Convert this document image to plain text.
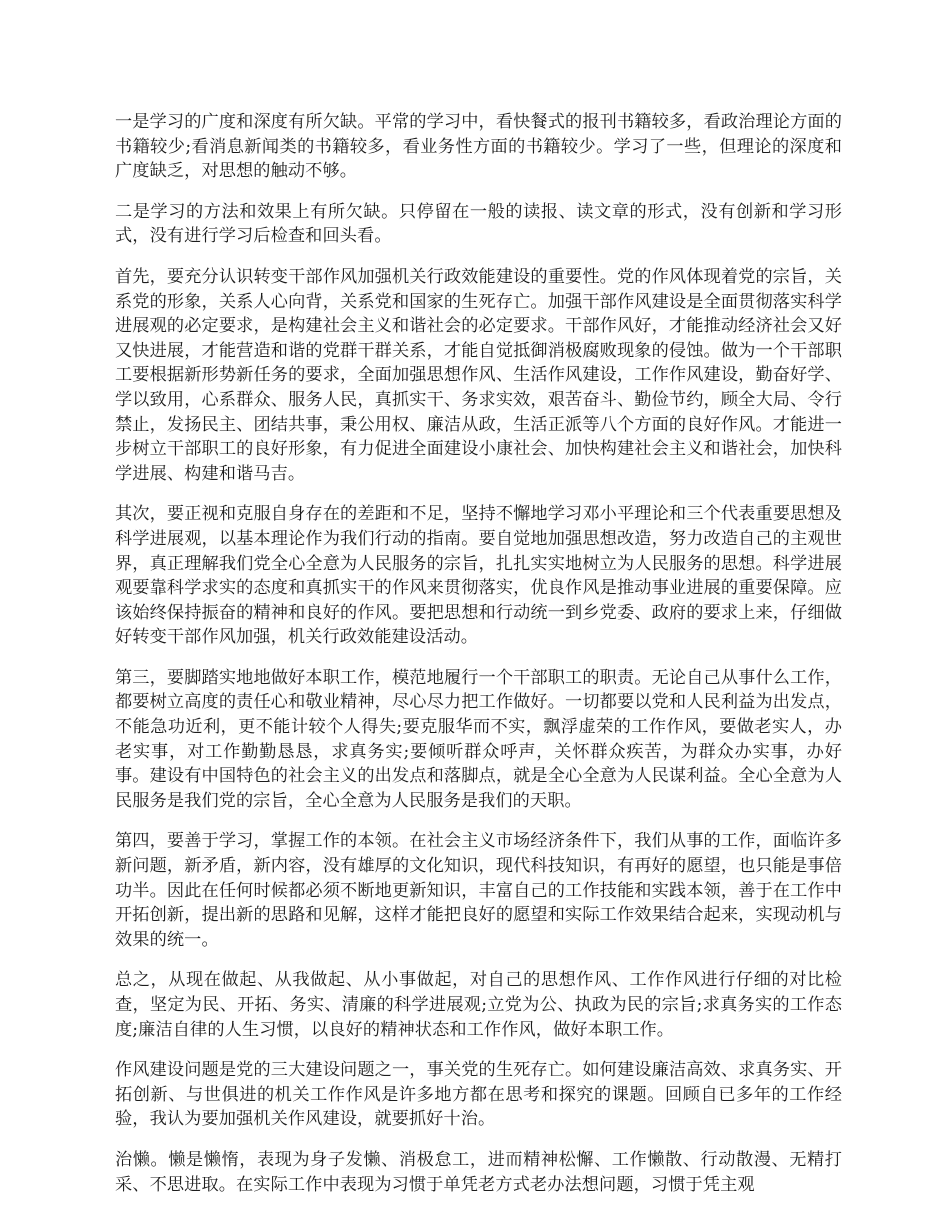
一是学习的广度和深度有所欠缺。平常的学习中，看快餐式的报刊书籍较多，看政治理论方面的书籍较少;看消息新闻类的书籍较多，看业务性方面的书籍较少。学习了一些，但理论的深度和广度缺乏，对思想的触动不够。

二是学习的方法和效果上有所欠缺。只停留在一般的读报、读文章的形式，没有创新和学习形式，没有进行学习后检查和回头看。

首先，要充分认识转变干部作风加强机关行政效能建设的重要性。党的作风体现着党的宗旨，关系党的形象，关系人心向背，关系党和国家的生死存亡。加强干部作风建设是全面贯彻落实科学进展观的必定要求，是构建社会主义和谐社会的必定要求。干部作风好，才能推动经济社会又好又快进展，才能营造和谐的党群干群关系，才能自觉抵御消极腐败现象的侵蚀。做为一个干部职工要根据新形势新任务的要求，全面加强思想作风、生活作风建设，工作作风建设，勤奋好学、学以致用，心系群众、服务人民，真抓实干、务求实效，艰苦奋斗、勤俭节约，顾全大局、令行禁止，发扬民主、团结共事，秉公用权、廉洁从政，生活正派等八个方面的良好作风。才能进一步树立干部职工的良好形象，有力促进全面建设小康社会、加快构建社会主义和谐社会，加快科学进展、构建和谐马吉。

其次，要正视和克服自身存在的差距和不足，坚持不懈地学习邓小平理论和三个代表重要思想及科学进展观，以基本理论作为我们行动的指南。要自觉地加强思想改造，努力改造自己的主观世界，真正理解我们党全心全意为人民服务的宗旨，扎扎实实地树立为人民服务的思想。科学进展观要靠科学求实的态度和真抓实干的作风来贯彻落实，优良作风是推动事业进展的重要保障。应该始终保持振奋的精神和良好的作风。要把思想和行动统一到乡党委、政府的要求上来，仔细做好转变干部作风加强，机关行政效能建设活动。

第三，要脚踏实地地做好本职工作，模范地履行一个干部职工的职责。无论自己从事什么工作，都要树立高度的责任心和敬业精神，尽心尽力把工作做好。一切都要以党和人民利益为出发点，不能急功近利，更不能计较个人得失;要克服华而不实，飘浮虚荣的工作作风，要做老实人，办老实事，对工作勤勤恳恳，求真务实;要倾听群众呼声，关怀群众疾苦，为群众办实事，办好事。建设有中国特色的社会主义的出发点和落脚点，就是全心全意为人民谋利益。全心全意为人民服务是我们党的宗旨，全心全意为人民服务是我们的天职。

第四，要善于学习，掌握工作的本领。在社会主义市场经济条件下，我们从事的工作，面临许多新问题，新矛盾，新内容，没有雄厚的文化知识，现代科技知识，有再好的愿望，也只能是事倍功半。因此在任何时候都必须不断地更新知识，丰富自己的工作技能和实践本领，善于在工作中开拓创新，提出新的思路和见解，这样才能把良好的愿望和实际工作效果结合起来，实现动机与效果的统一。

总之，从现在做起、从我做起、从小事做起，对自己的思想作风、工作作风进行仔细的对比检查，坚定为民、开拓、务实、清廉的科学进展观;立党为公、执政为民的宗旨;求真务实的工作态度;廉洁自律的人生习惯，以良好的精神状态和工作作风，做好本职工作。

作风建设问题是党的三大建设问题之一，事关党的生死存亡。如何建设廉洁高效、求真务实、开拓创新、与世俱进的机关工作作风是许多地方都在思考和探究的课题。回顾自已多年的工作经验，我认为要加强机关作风建设，就要抓好十治。

治懒。懒是懒惰，表现为身子发懒、消极怠工，进而精神松懈、工作懒散、行动散漫、无精打采、不思进取。在实际工作中表现为习惯于单凭老方式老办法想问题，习惯于凭主观
